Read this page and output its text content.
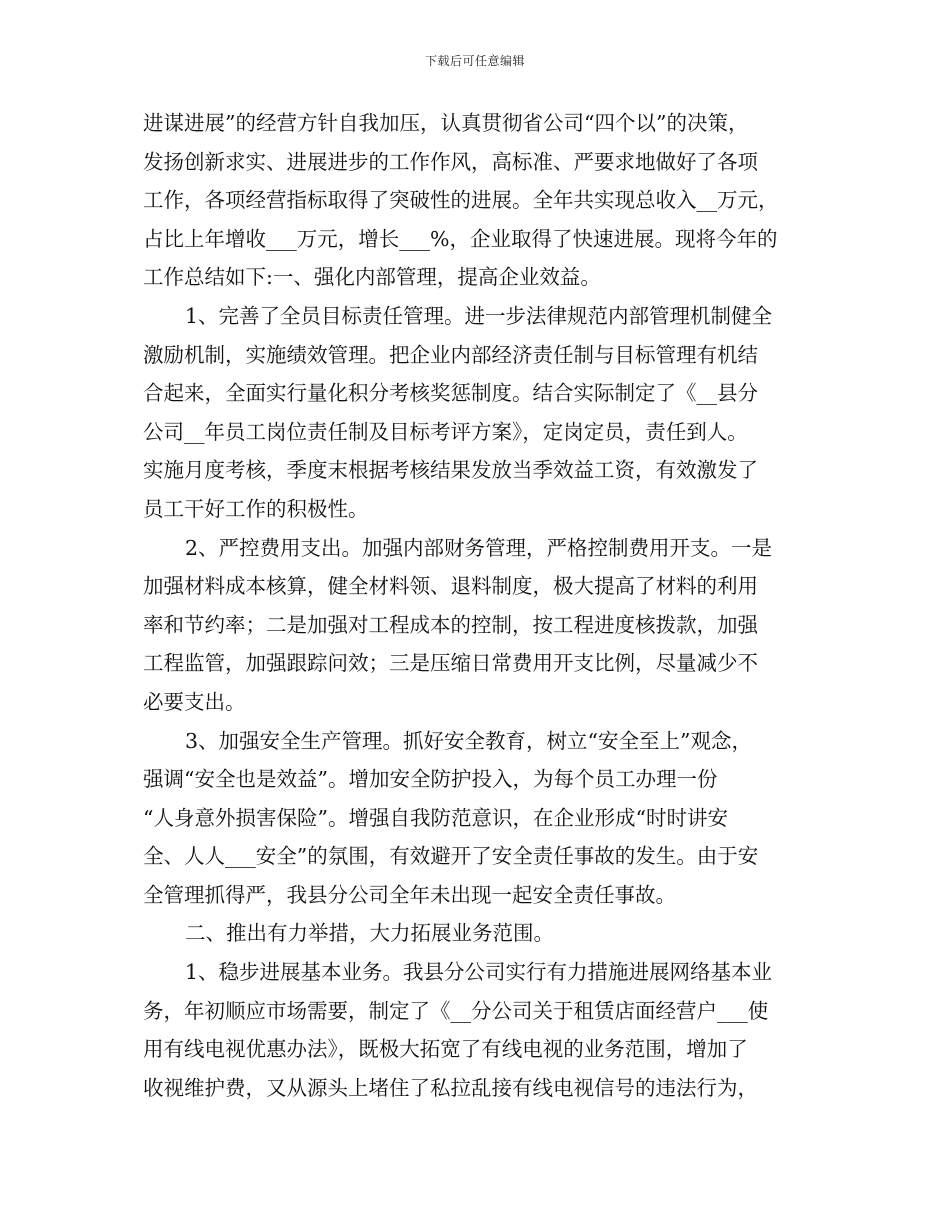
下载后可任意编辑
进谋进展”的经营方针自我加压，认真贯彻省公司“四个以”的决策，
发扬创新求实、进展进步的工作作风，高标准、严要求地做好了各项
工作，各项经营指标取得了突破性的进展。全年共实现总收入__万元，
占比上年增收___万元，增长___%，企业取得了快速进展。现将今年的
工作总结如下:一、强化内部管理，提高企业效益。
1、完善了全员目标责任管理。进一步法律规范内部管理机制健全
激励机制，实施绩效管理。把企业内部经济责任制与目标管理有机结
合起来，全面实行量化积分考核奖惩制度。结合实际制定了《__县分
公司__年员工岗位责任制及目标考评方案》，定岗定员，责任到人。
实施月度考核，季度末根据考核结果发放当季效益工资，有效激发了
员工干好工作的积极性。
2、严控费用支出。加强内部财务管理，严格控制费用开支。一是
加强材料成本核算，健全材料领、退料制度，极大提高了材料的利用
率和节约率；二是加强对工程成本的控制，按工程进度核拨款，加强
工程监管，加强跟踪问效；三是压缩日常费用开支比例，尽量减少不
必要支出。
3、加强安全生产管理。抓好安全教育，树立“安全至上”观念，
强调“安全也是效益”。增加安全防护投入，为每个员工办理一份
“人身意外损害保险”。增强自我防范意识，在企业形成“时时讲安
全、人人___安全”的氛围，有效避开了安全责任事故的发生。由于安
全管理抓得严，我县分公司全年未出现一起安全责任事故。
二、推出有力举措，大力拓展业务范围。
1、稳步进展基本业务。我县分公司实行有力措施进展网络基本业
务，年初顺应市场需要，制定了《__分公司关于租赁店面经营户___使
用有线电视优惠办法》，既极大拓宽了有线电视的业务范围，增加了
收视维护费，又从源头上堵住了私拉乱接有线电视信号的违法行为，
